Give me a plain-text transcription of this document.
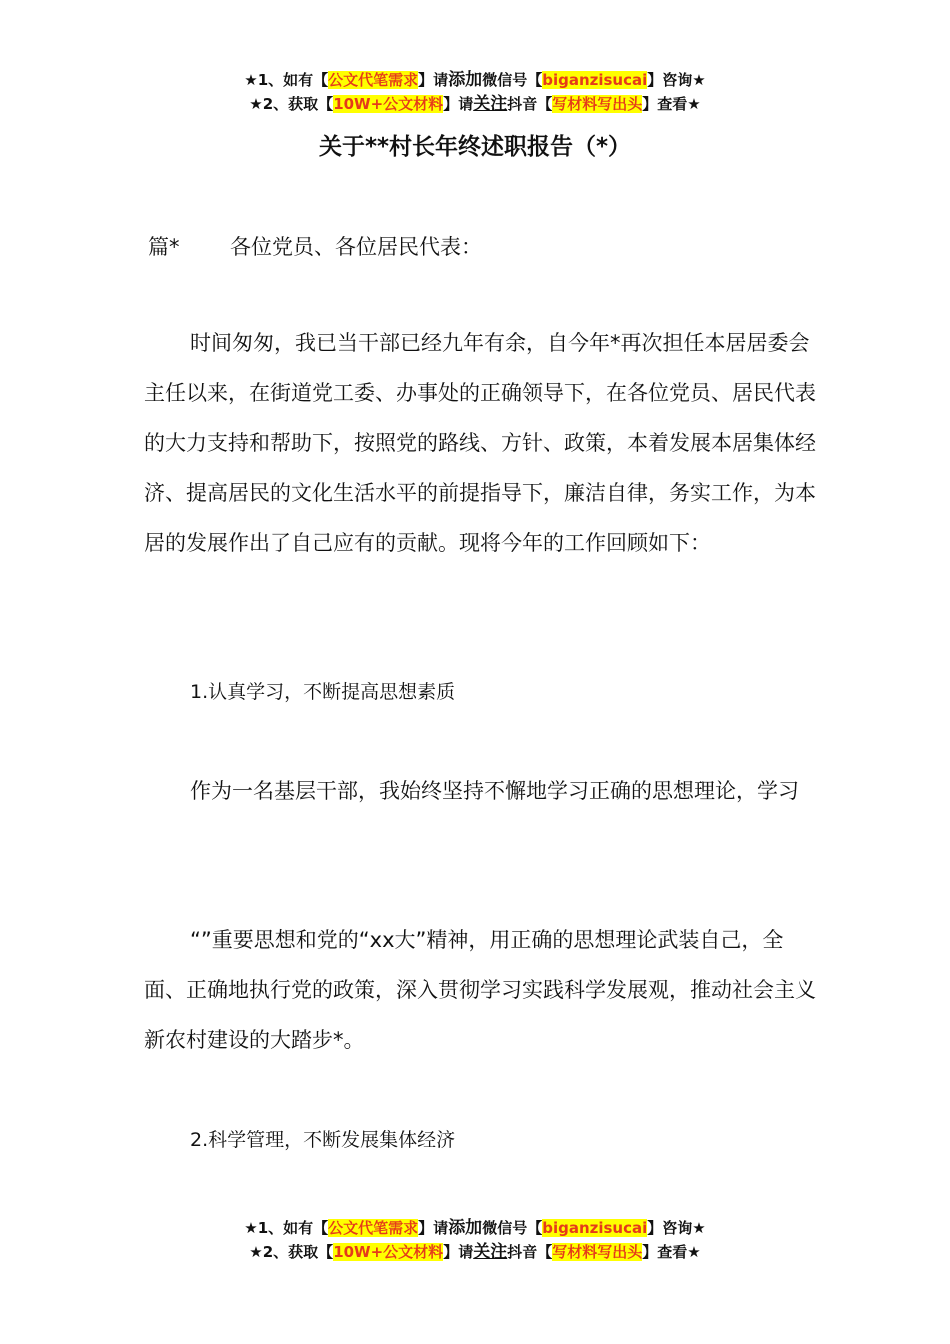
★1、如有【公文代笔需求】请添加微信号【biganzisucai】咨询★
★2、获取【10W+公文材料】请关注抖音【写材料写出头】查看★
关于**村长年终述职报告（*）

篇* 各位党员、各位居民代表：

时间匆匆，我已当干部已经九年有余，自今年*再次担任本居居委会主任以来，在街道党工委、办事处的正确领导下，在各位党员、居民代表的大力支持和帮助下，按照党的路线、方针、政策，本着发展本居集体经济、提高居民的文化生活水平的前提指导下，廉洁自律，务实工作，为本居的发展作出了自己应有的贡献。现将今年的工作回顾如下：

1.认真学习，不断提高思想素质

作为一名基层干部，我始终坚持不懈地学习正确的思想理论，学习

“”重要思想和党的“xx大”精神，用正确的思想理论武装自己，全面、正确地执行党的政策，深入贯彻学习实践科学发展观，推动社会主义新农村建设的大踏步*。

2.科学管理，不断发展集体经济

★1、如有【公文代笔需求】请添加微信号【biganzisucai】咨询★
★2、获取【10W+公文材料】请关注抖音【写材料写出头】查看★
